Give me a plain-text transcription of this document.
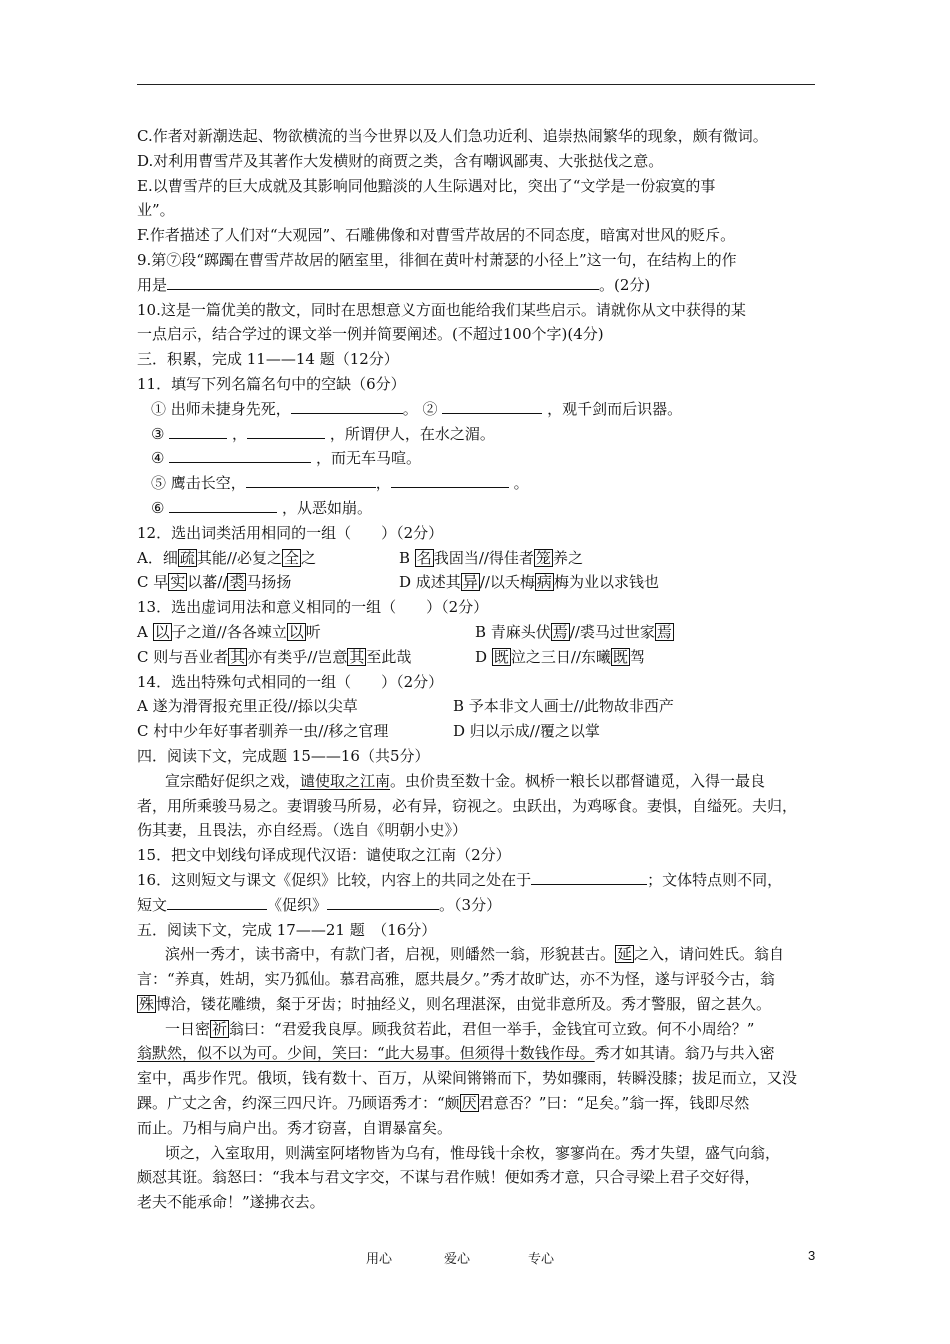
C.作者对新潮迭起、物欲横流的当今世界以及人们急功近利、追崇热闹繁华的现象，颇有微词。
D.对利用曹雪芹及其著作大发横财的商贾之类，含有嘲讽鄙夷、大张挞伐之意。
E.以曹雪芹的巨大成就及其影响同他黯淡的人生际遇对比，突出了“文学是一份寂寞的事
业”。
F.作者描述了人们对“大观园”、石雕佛像和对曹雪芹故居的不同态度，暗寓对世风的贬斥。
9.第⑦段“踯躅在曹雪芹故居的陋室里，徘徊在黄叶村萧瑟的小径上”这一句，在结构上的作
用是	。(2分)
10.这是一篇优美的散文，同时在思想意义方面也能给我们某些启示。请就你从文中获得的某
一点启示，结合学过的课文举一例并简要阐述。(不超过100个字)(4分)
三．积累，完成 11——14 题（12分）
11．填写下列名篇名句中的空缺（6分）
① 出师未捷身先死，	。 ②	，观千剑而后识器。
③	，	，所谓伊人，在水之湄。
④	，而无车马喧。
⑤ 鹰击长空，	，	。
⑥	，从恶如崩。
12．选出词类活用相同的一组（　　）（2分）
A．细 疏 其能//必复之 全 之	B 名 我固当//得佳者 笼 养之
C 早 实 以蕃// 裘 马扬扬	D 成述其 异 //以夭梅 病 梅为业以求钱也
13．选出虚词用法和意义相同的一组（　　）（2分）
A 以 子之道//各各竦立 以 听	B 青麻头伏 焉 //裘马过世家 焉
C 则与吾业者 其 亦有类乎//岂意 其 至此哉	D 既 泣之三日//东曦 既 驾
14．选出特殊句式相同的一组（　　）（2分）
A 遂为滑胥报充里正役//掭以尖草	B 予本非文人画士//此物故非西产
C 村中少年好事者驯养一虫//移之官理	D 归以示成//覆之以掌
四．阅读下文，完成题 15——16（共5分）
宣宗酷好促织之戏，谴使取之江南。虫价贵至数十金。枫桥一粮长以郡督谴觅，入得一最良
者，用所乘骏马易之。妻谓骏马所易，必有异，窃视之。虫跃出，为鸡啄食。妻惧，自缢死。夫归，
伤其妻，且畏法，亦自经焉。（选自《明朝小史》）
15．把文中划线句译成现代汉语：谴使取之江南（2分）
16．这则短文与课文《促织》比较，内容上的共同之处在于	；文体特点则不同，
短文	《促织》	。（3分）
五．阅读下文，完成 17——21 题　（16分）
滨州一秀才，读书斋中，有款门者，启视，则皤然一翁，形貌甚古。 延 之入，请问姓氏。翁自
言：“养真，姓胡，实乃狐仙。慕君高雅，愿共晨夕。”秀才故旷达，亦不为怪，遂与评驳今古，翁
殊 博洽，镂花雕缋，粲于牙齿；时抽经义，则名理湛深，由觉非意所及。秀才警服，留之甚久。
一日密 祈 翁曰：“君爱我良厚。顾我贫若此，君但一举手，金钱宜可立致。何不小周给？”
翁默然，似不以为可。少间，笑曰：“此大易事。但须得十数钱作母。秀才如其请。翁乃与共入密
室中，禹步作咒。俄顷，钱有数十、百万，从梁间锵锵而下，势如骤雨，转瞬没膝；拔足而立，又没
踝。广丈之舍，约深三四尺许。乃顾语秀才：“颇 厌 君意否？”曰：“足矣。”翁一挥，钱即尽然
而止。乃相与扃户出。秀才窃喜，自谓暴富矣。
顷之，入室取用，则满室阿堵物皆为乌有，惟母钱十余枚，寥寥尚在。秀才失望，盛气向翁，
颇怼其诳。翁怒曰：“我本与君文字交，不谋与君作贼！便如秀才意，只合寻梁上君子交好得，
老夫不能承命！”遂拂衣去。
用心	爱心	专心	3
